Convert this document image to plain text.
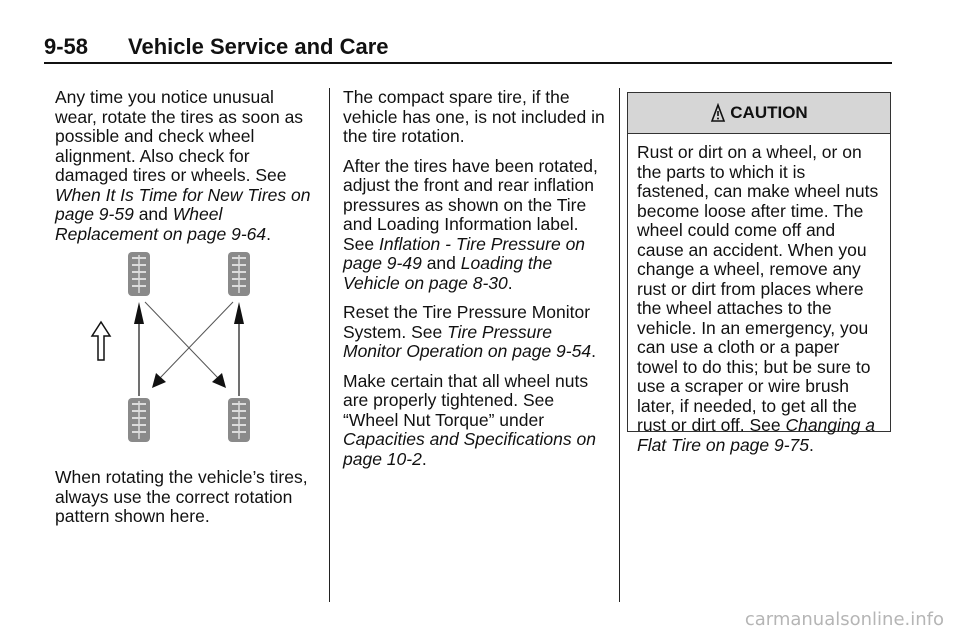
9-58 Vehicle Service and Care

Any time you notice unusual wear, rotate the tires as soon as possible and check wheel alignment. Also check for damaged tires or wheels. See When It Is Time for New Tires on page 9-59 and Wheel Replacement on page 9-64.

When rotating the vehicle’s tires, always use the correct rotation pattern shown here.

The compact spare tire, if the vehicle has one, is not included in the tire rotation.

After the tires have been rotated, adjust the front and rear inflation pressures as shown on the Tire and Loading Information label. See Inflation - Tire Pressure on page 9-49 and Loading the Vehicle on page 8-30.

Reset the Tire Pressure Monitor System. See Tire Pressure Monitor Operation on page 9-54.

Make certain that all wheel nuts are properly tightened. See “Wheel Nut Torque” under Capacities and Specifications on page 10-2.

CAUTION
Rust or dirt on a wheel, or on the parts to which it is fastened, can make wheel nuts become loose after time. The wheel could come off and cause an accident. When you change a wheel, remove any rust or dirt from places where the wheel attaches to the vehicle. In an emergency, you can use a cloth or a paper towel to do this; but be sure to use a scraper or wire brush later, if needed, to get all the rust or dirt off. See Changing a Flat Tire on page 9-75.
carmanualsonline.info
